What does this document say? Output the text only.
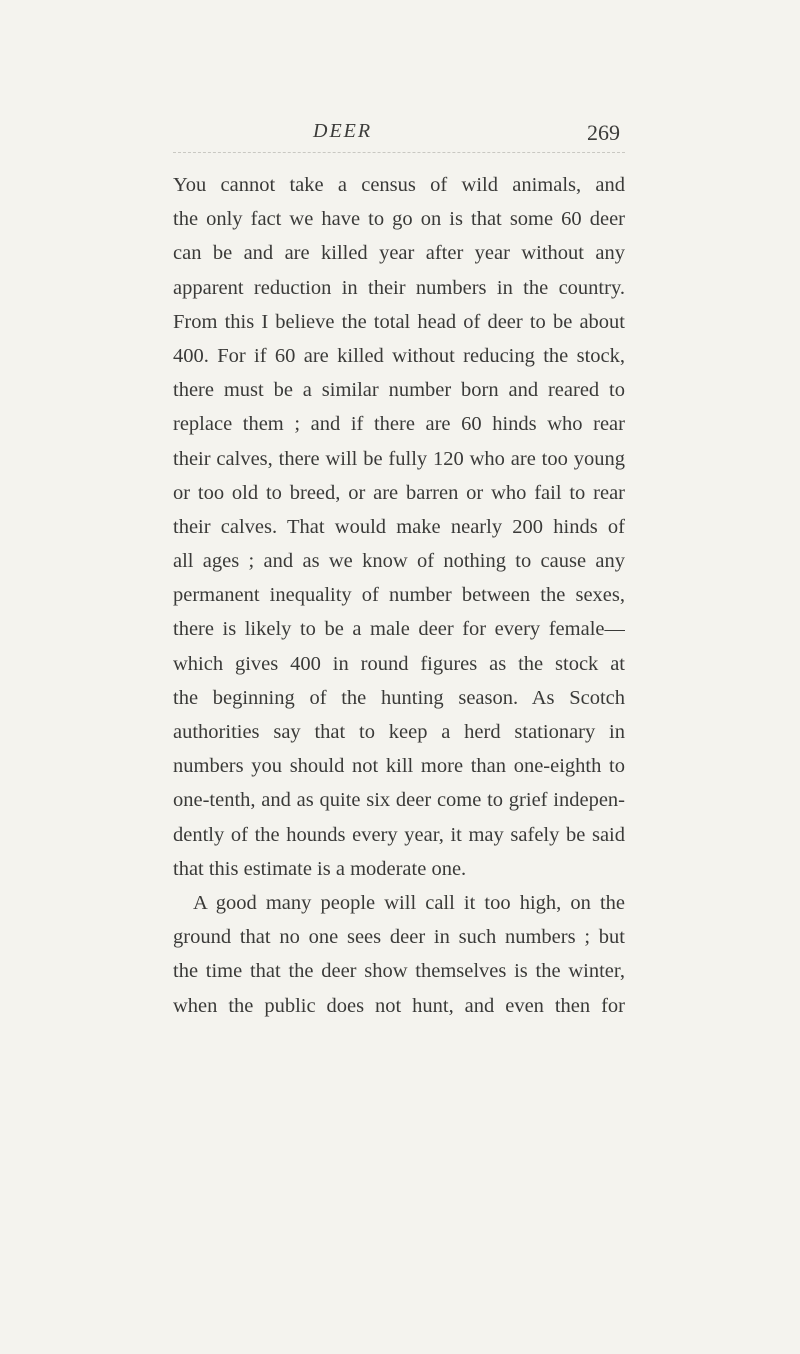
DEER	269
You cannot take a census of wild animals, and
the only fact we have to go on is that some 60 deer
can be and are killed year after year without any
apparent reduction in their numbers in the country.
From this I believe the total head of deer to be about
400. For if 60 are killed without reducing the stock,
there must be a similar number born and reared to
replace them ; and if there are 60 hinds who rear
their calves, there will be fully 120 who are too young
or too old to breed, or are barren or who fail to rear
their calves. That would make nearly 200 hinds of
all ages ; and as we know of nothing to cause any
permanent inequality of number between the sexes,
there is likely to be a male deer for every female—
which gives 400 in round figures as the stock at
the beginning of the hunting season. As Scotch
authorities say that to keep a herd stationary in
numbers you should not kill more than one-eighth to
one-tenth, and as quite six deer come to grief indepen-
dently of the hounds every year, it may safely be said
that this estimate is a moderate one.
A good many people will call it too high, on the
ground that no one sees deer in such numbers ; but
the time that the deer show themselves is the winter,
when the public does not hunt, and even then for
